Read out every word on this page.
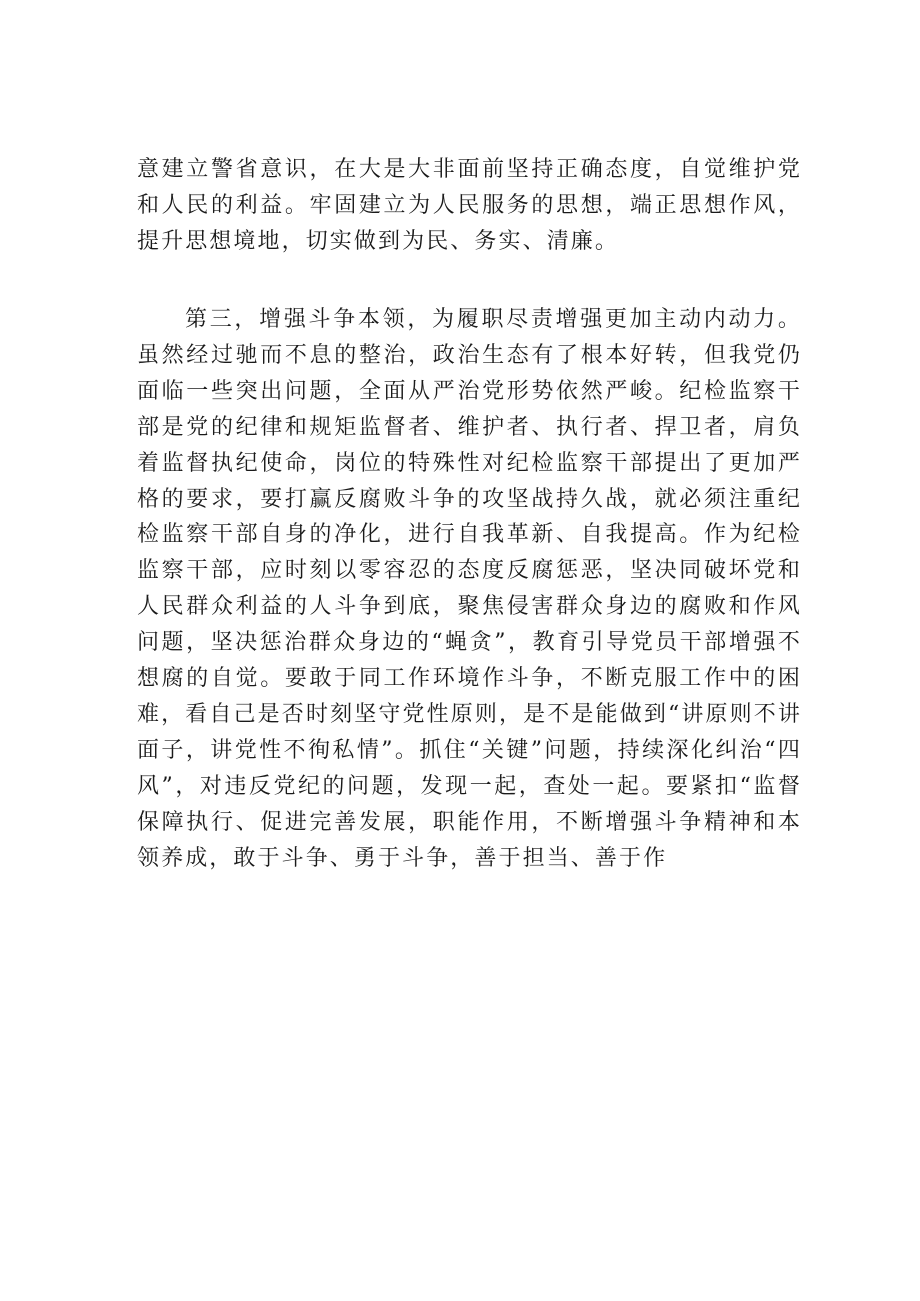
意建立警省意识，在大是大非面前坚持正确态度，自觉维护党和人民的利益。牢固建立为人民服务的思想，端正思想作风，提升思想境地，切实做到为民、务实、清廉。

第三，增强斗争本领，为履职尽责增强更加主动内动力。虽然经过驰而不息的整治，政治生态有了根本好转，但我党仍面临一些突出问题，全面从严治党形势依然严峻。纪检监察干部是党的纪律和规矩监督者、维护者、执行者、捍卫者，肩负着监督执纪使命，岗位的特殊性对纪检监察干部提出了更加严格的要求，要打赢反腐败斗争的攻坚战持久战，就必须注重纪检监察干部自身的净化，进行自我革新、自我提高。作为纪检监察干部，应时刻以零容忍的态度反腐惩恶，坚决同破坏党和人民群众利益的人斗争到底，聚焦侵害群众身边的腐败和作风问题，坚决惩治群众身边的“蝇贪”，教育引导党员干部增强不想腐的自觉。要敢于同工作环境作斗争，不断克服工作中的困难，看自己是否时刻坚守党性原则，是不是能做到“讲原则不讲面子，讲党性不徇私情”。抓住“关键”问题，持续深化纠治“四风”，对违反党纪的问题，发现一起，查处一起。要紧扣“监督保障执行、促进完善发展，职能作用，不断增强斗争精神和本领养成，敢于斗争、勇于斗争，善于担当、善于作
